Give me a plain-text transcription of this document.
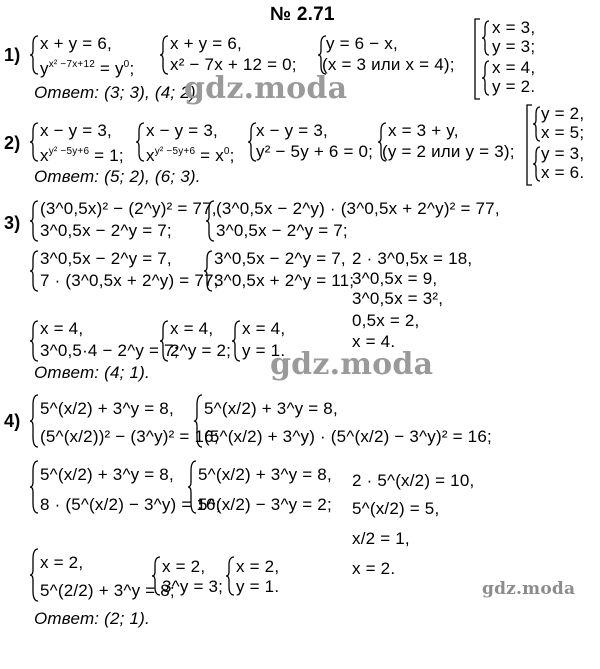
№ 2.71
1)
x + y = 6,
$y^{x^2 -7x+12} = y^0$;
x + y = 6,
x² − 7x + 12 = 0;
y = 6 − x,
(x = 3 или x = 4);
x = 3,
y = 3;
x = 4,
y = 2.
Ответ: (3; 3), (4; 2).
gdz.moda
2)
x − y = 3,
$x^{y^2 -5y+6} = 1$;
x − y = 3,
$x^{y^2 -5y+6} = x^0$;
x − y = 3,
y² − 5y + 6 = 0;
x = 3 + y,
(y = 2 или y = 3);
y = 2,
x = 5;
y = 3,
x = 6.
Ответ: (5; 2), (6; 3).
3)
(3^0,5x)² − (2^y)² = 77,
3^0,5x − 2^y = 7;
(3^0,5x − 2^y) · (3^0,5x + 2^y)² = 77,
3^0,5x − 2^y = 7;
3^0,5x − 2^y = 7,
7 · (3^0,5x + 2^y) = 77;
3^0,5x − 2^y = 7,
3^0,5x + 2^y = 11;
2 · 3^0,5x = 18,
3^0,5x = 9,
3^0,5x = 3²,
0,5x = 2,
x = 4.
x = 4,
3^0,5·4 − 2^y = 7;
x = 4,
2^y = 2;
x = 4,
y = 1.
Ответ: (4; 1).	gdz.moda
4)
5^(x/2) + 3^y = 8,
(5^(x/2))² − (3^y)² = 16;
5^(x/2) + 3^y = 8,
(5^(x/2) + 3^y) · (5^(x/2) − 3^y)² = 16;
5^(x/2) + 3^y = 8,
8 · (5^(x/2) − 3^y) = 16;
5^(x/2) + 3^y = 8,
5^(x/2) − 3^y = 2;
2 · 5^(x/2) = 10,
5^(x/2) = 5,
x/2 = 1,
x = 2.
x = 2,
5^(2/2) + 3^y = 8;
x = 2,
3^y = 3;
x = 2,
y = 1.	gdz.moda
Ответ: (2; 1).
